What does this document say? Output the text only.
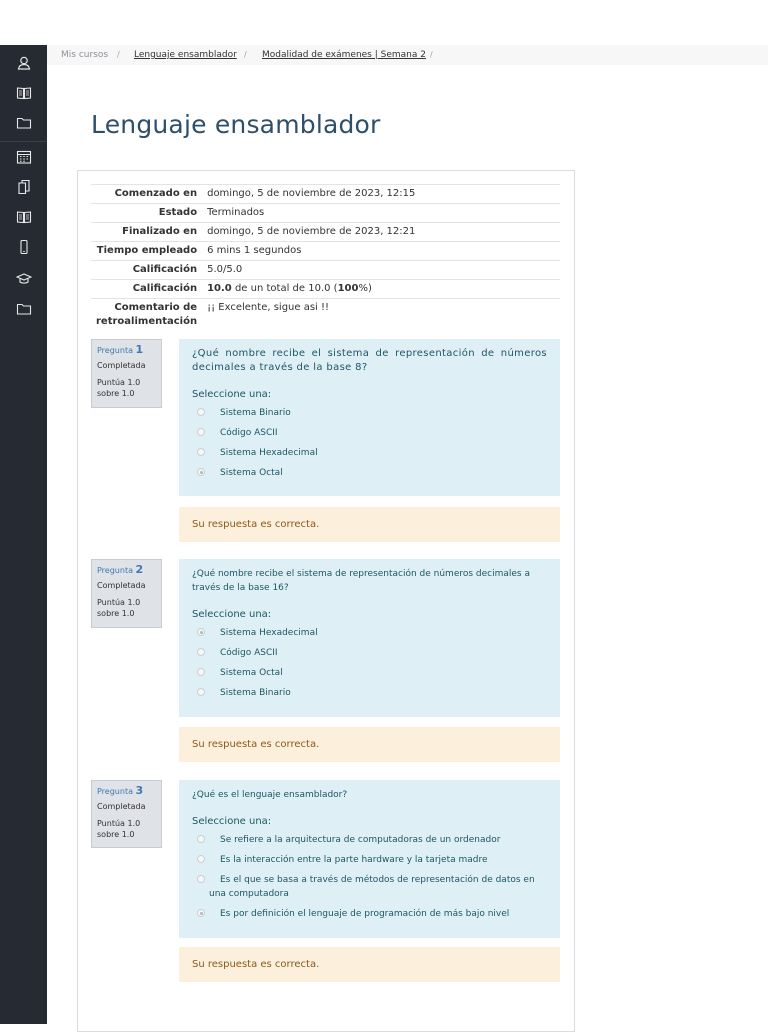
Mis cursos / Lenguaje ensamblador / Modalidad de exámenes | Semana 2 /
Lenguaje ensamblador
Comenzado en	domingo, 5 de noviembre de 2023, 12:15
Estado	Terminados
Finalizado en	domingo, 5 de noviembre de 2023, 12:21
Tiempo empleado	6 mins 1 segundos
Calificación	5.0/5.0
Calificación	10.0 de un total de 10.0 (100%)
Comentario de retroalimentación	¡¡ Excelente, sigue asi !!
Pregunta 1
Completada
Puntúa 1.0 sobre 1.0
¿Qué nombre recibe el sistema de representación de números decimales a través de la base 8?
Seleccione una:
Sistema Binario
Código ASCII
Sistema Hexadecimal
Sistema Octal
Su respuesta es correcta.
Pregunta 2
Completada
Puntúa 1.0 sobre 1.0
¿Qué nombre recibe el sistema de representación de números decimales a través de la base 16?
Seleccione una:
Sistema Hexadecimal
Código ASCII
Sistema Octal
Sistema Binario
Su respuesta es correcta.
Pregunta 3
Completada
Puntúa 1.0 sobre 1.0
¿Qué es el lenguaje ensamblador?
Seleccione una:
Se refiere a la arquitectura de computadoras de un ordenador
Es la interacción entre la parte hardware y la tarjeta madre
Es el que se basa a través de métodos de representación de datos en una computadora
Es por definición el lenguaje de programación de más bajo nivel
Su respuesta es correcta.
